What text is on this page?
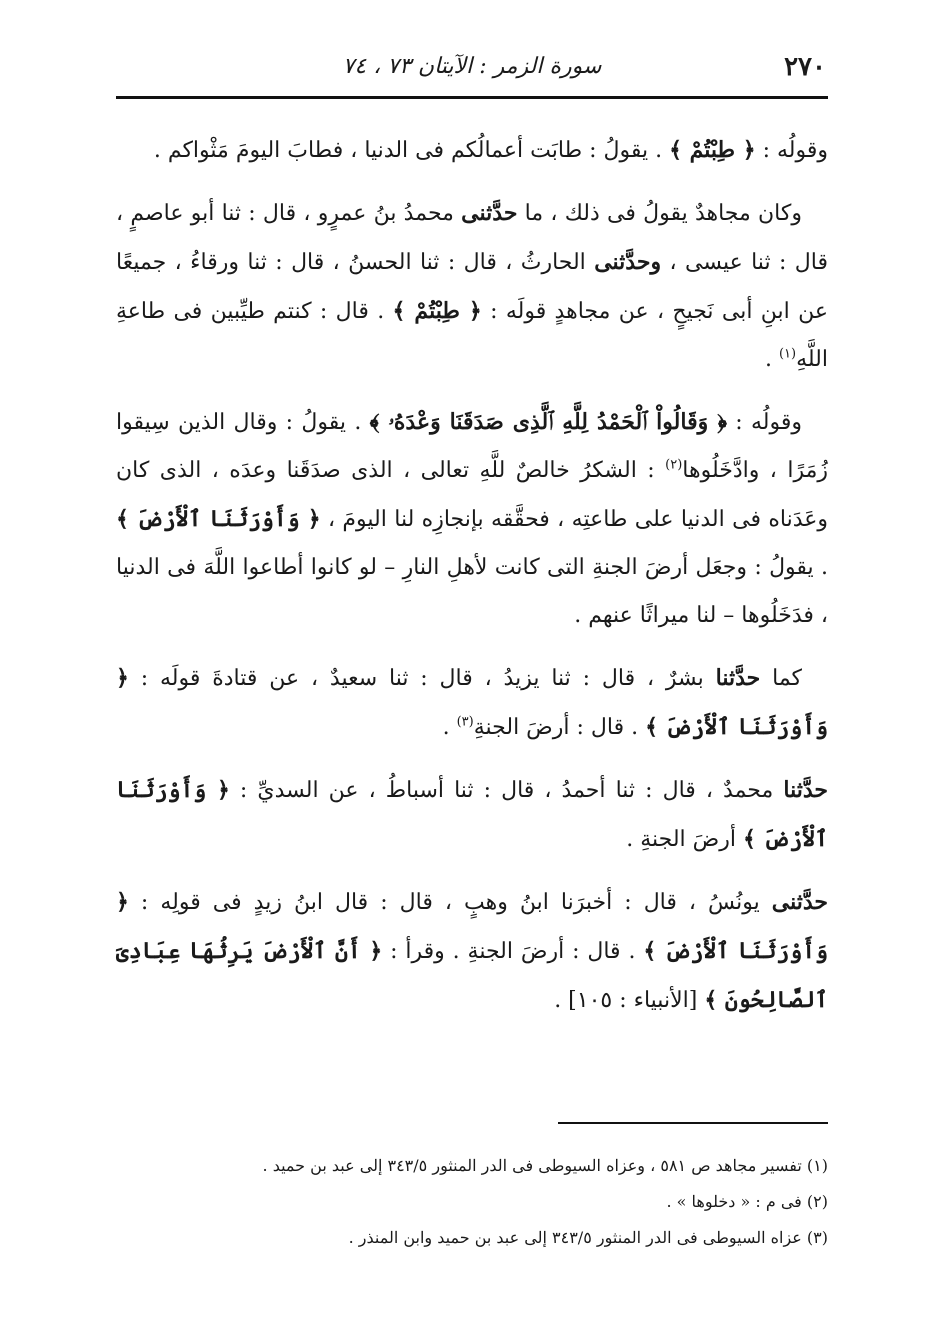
٢٧٠
سورة الزمر : الآيتان ٧٣ ، ٧٤

وقولُه : ﴿ طِبْتُمْ ﴾ . يقولُ : طابَت أعمالُكم فى الدنيا ، فطابَ اليومَ مَثْواكم .

وكان مجاهدٌ يقولُ فى ذلك ، ما حدَّثنى محمدُ بنُ عمرٍو ، قال : ثنا أبو عاصمٍ ، قال : ثنا عيسى ، وحدَّثنى الحارثُ ، قال : ثنا الحسنُ ، قال : ثنا ورقاءُ ، جميعًا عن ابنِ أبى نَجيحٍ ، عن مجاهدٍ قولَه : ﴿ طِبْتُمْ ﴾ . قال : كنتم طيِّبين فى طاعةِ اللَّهِ$^{(١)}$ .

وقولُه : ﴿ وَقَالُواْ ٱلْحَمْدُ لِلَّهِ ٱلَّذِى صَدَقَنَا وَعْدَهُۥ ﴾ . يقولُ : وقال الذين سِيقوا زُمَرًا ، وادَّخَلُوها$^{(٢)}$ : الشكرُ خالصٌ للَّهِ تعالى ، الذى صدَقَنا وعدَه ، الذى كان وعَدَناه فى الدنيا على طاعتِه ، فحقَّقه بإنجازِه لنا اليومَ ، ﴿ وَأَوْرَثَنَا ٱلْأَرْضَ ﴾ . يقولُ : وجعَل أرضَ الجنةِ التى كانت لأهلِ النارِ – لو كانوا أطاعوا اللَّهَ فى الدنيا ، فدَخَلُوها – لنا ميراثًا عنهم .

كما حدَّثنا بشرٌ ، قال : ثنا يزيدُ ، قال : ثنا سعيدٌ ، عن قتادةَ قولَه : ﴿ وَأَوْرَثَنَا ٱلْأَرْضَ ﴾ . قال : أرضَ الجنةِ$^{(٣)}$ .

حدَّثنا محمدٌ ، قال : ثنا أحمدُ ، قال : ثنا أسباطُ ، عن السديِّ : ﴿ وَأَوْرَثَنَا ٱلْأَرْضَ ﴾ أرضَ الجنةِ .

حدَّثنى يونُسُ ، قال : أخبرَنا ابنُ وهبٍ ، قال : قال ابنُ زيدٍ فى قولِه : ﴿ وَأَوْرَثَنَا ٱلْأَرْضَ ﴾ . قال : أرضَ الجنةِ . وقرأ : ﴿ أَنَّ ٱلْأَرْضَ يَرِثُهَا عِبَادِىَ ٱلصَّالِحُونَ ﴾ [الأنبياء : ١٠٥] .

(١) تفسير مجاهد ص ٥٨١ ، وعزاه السيوطى فى الدر المنثور ٣٤٣/٥ إلى عبد بن حميد .

(٢) فى م : « دخلوها » .

(٣) عزاه السيوطى فى الدر المنثور ٣٤٣/٥ إلى عبد بن حميد وابن المنذر .
